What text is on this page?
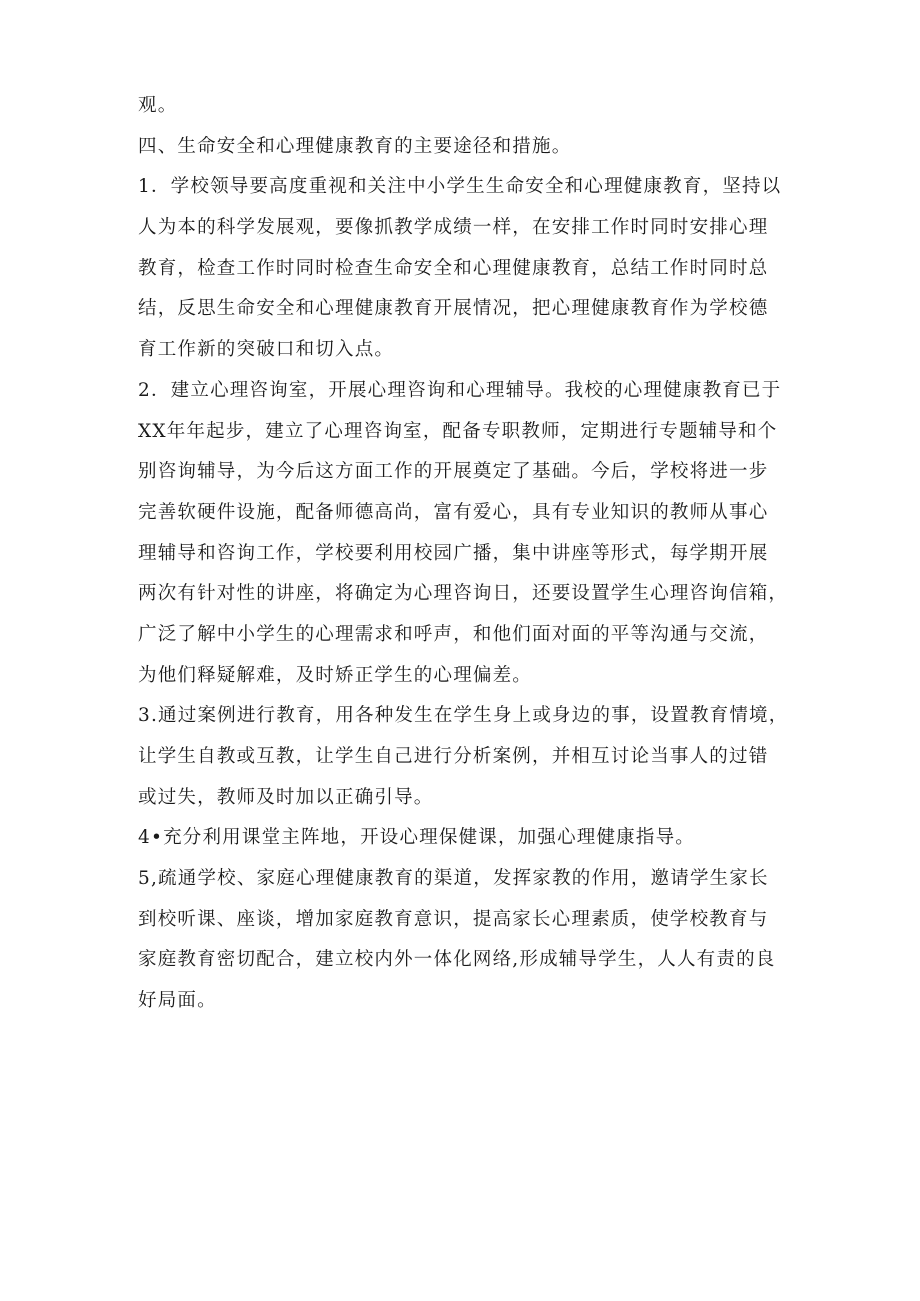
观。
四、生命安全和心理健康教育的主要途径和措施。
1．学校领导要高度重视和关注中小学生生命安全和心理健康教育，坚持以
人为本的科学发展观，要像抓教学成绩一样，在安排工作时同时安排心理
教育，检查工作时同时检查生命安全和心理健康教育，总结工作时同时总
结，反思生命安全和心理健康教育开展情况，把心理健康教育作为学校德
育工作新的突破口和切入点。
2．建立心理咨询室，开展心理咨询和心理辅导。我校的心理健康教育已于
XX年年起步，建立了心理咨询室，配备专职教师，定期进行专题辅导和个
别咨询辅导，为今后这方面工作的开展奠定了基础。今后，学校将进一步
完善软硬件设施，配备师德高尚，富有爱心，具有专业知识的教师从事心
理辅导和咨询工作，学校要利用校园广播，集中讲座等形式，每学期开展
两次有针对性的讲座，将确定为心理咨询日，还要设置学生心理咨询信箱，
广泛了解中小学生的心理需求和呼声，和他们面对面的平等沟通与交流，
为他们释疑解难，及时矫正学生的心理偏差。
3.通过案例进行教育，用各种发生在学生身上或身边的事，设置教育情境，
让学生自教或互教，让学生自己进行分析案例，并相互讨论当事人的过错
或过失，教师及时加以正确引导。
4•充分利用课堂主阵地，开设心理保健课，加强心理健康指导。
5,疏通学校、家庭心理健康教育的渠道，发挥家教的作用，邀请学生家长
到校听课、座谈，增加家庭教育意识，提高家长心理素质，使学校教育与
家庭教育密切配合，建立校内外一体化网络,形成辅导学生，人人有责的良
好局面。
